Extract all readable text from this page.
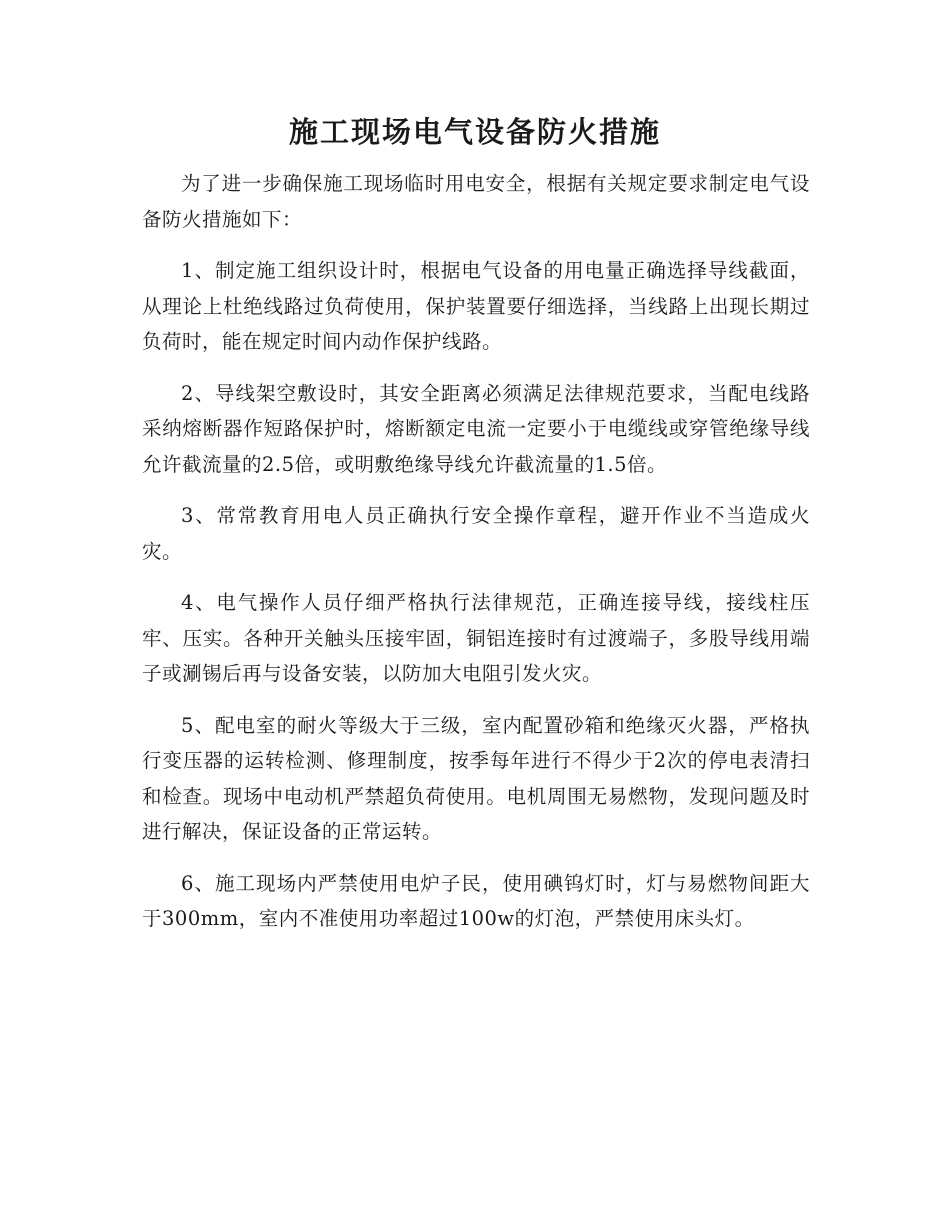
施工现场电气设备防火措施

为了进一步确保施工现场临时用电安全，根据有关规定要求制定电气设备防火措施如下：

1、制定施工组织设计时，根据电气设备的用电量正确选择导线截面，从理论上杜绝线路过负荷使用，保护装置要仔细选择，当线路上出现长期过负荷时，能在规定时间内动作保护线路。

2、导线架空敷设时，其安全距离必须满足法律规范要求，当配电线路采纳熔断器作短路保护时，熔断额定电流一定要小于电缆线或穿管绝缘导线允许截流量的2.5倍，或明敷绝缘导线允许截流量的1.5倍。

3、常常教育用电人员正确执行安全操作章程，避开作业不当造成火灾。

4、电气操作人员仔细严格执行法律规范，正确连接导线，接线柱压牢、压实。各种开关触头压接牢固，铜铝连接时有过渡端子，多股导线用端子或涮锡后再与设备安装，以防加大电阻引发火灾。

5、配电室的耐火等级大于三级，室内配置砂箱和绝缘灭火器，严格执行变压器的运转检测、修理制度，按季每年进行不得少于2次的停电表清扫和检查。现场中电动机严禁超负荷使用。电机周围无易燃物，发现问题及时进行解决，保证设备的正常运转。

6、施工现场内严禁使用电炉子民，使用碘钨灯时，灯与易燃物间距大于300mm，室内不准使用功率超过100w的灯泡，严禁使用床头灯。
